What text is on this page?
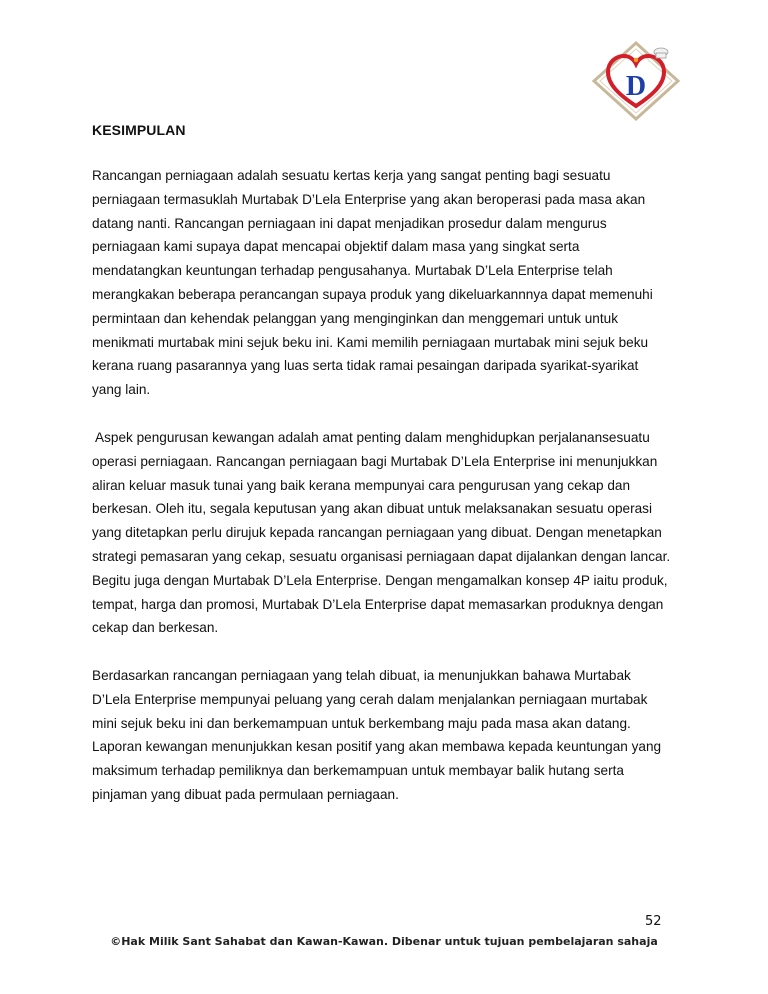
D
KESIMPULAN

Rancangan perniagaan adalah sesuatu kertas kerja yang sangat penting bagi sesuatu
perniagaan termasuklah Murtabak D’Lela Enterprise yang akan beroperasi pada masa akan
datang nanti. Rancangan perniagaan ini dapat menjadikan prosedur dalam mengurus
perniagaan kami supaya dapat mencapai objektif dalam masa yang singkat serta
mendatangkan keuntungan terhadap pengusahanya. Murtabak D’Lela Enterprise telah
merangkakan beberapa perancangan supaya produk yang dikeluarkannnya dapat memenuhi
permintaan dan kehendak pelanggan yang menginginkan dan menggemari untuk untuk
menikmati murtabak mini sejuk beku ini. Kami memilih perniagaan murtabak mini sejuk beku
kerana ruang pasarannya yang luas serta tidak ramai pesaingan daripada syarikat-syarikat
yang lain.

Aspek pengurusan kewangan adalah amat penting dalam menghidupkan perjalanansesuatu
operasi perniagaan. Rancangan perniagaan bagi Murtabak D’Lela Enterprise ini menunjukkan
aliran keluar masuk tunai yang baik kerana mempunyai cara pengurusan yang cekap dan
berkesan. Oleh itu, segala keputusan yang akan dibuat untuk melaksanakan sesuatu operasi
yang ditetapkan perlu dirujuk kepada rancangan perniagaan yang dibuat. Dengan menetapkan
strategi pemasaran yang cekap, sesuatu organisasi perniagaan dapat dijalankan dengan lancar.
Begitu juga dengan Murtabak D’Lela Enterprise. Dengan mengamalkan konsep 4P iaitu produk,
tempat, harga dan promosi, Murtabak D’Lela Enterprise dapat memasarkan produknya dengan
cekap dan berkesan.

Berdasarkan rancangan perniagaan yang telah dibuat, ia menunjukkan bahawa Murtabak
D’Lela Enterprise mempunyai peluang yang cerah dalam menjalankan perniagaan murtabak
mini sejuk beku ini dan berkemampuan untuk berkembang maju pada masa akan datang.
Laporan kewangan menunjukkan kesan positif yang akan membawa kepada keuntungan yang
maksimum terhadap pemiliknya dan berkemampuan untuk membayar balik hutang serta
pinjaman yang dibuat pada permulaan perniagaan.

52
©Hak Milik Sant Sahabat dan Kawan-Kawan. Dibenar untuk tujuan pembelajaran sahaja
